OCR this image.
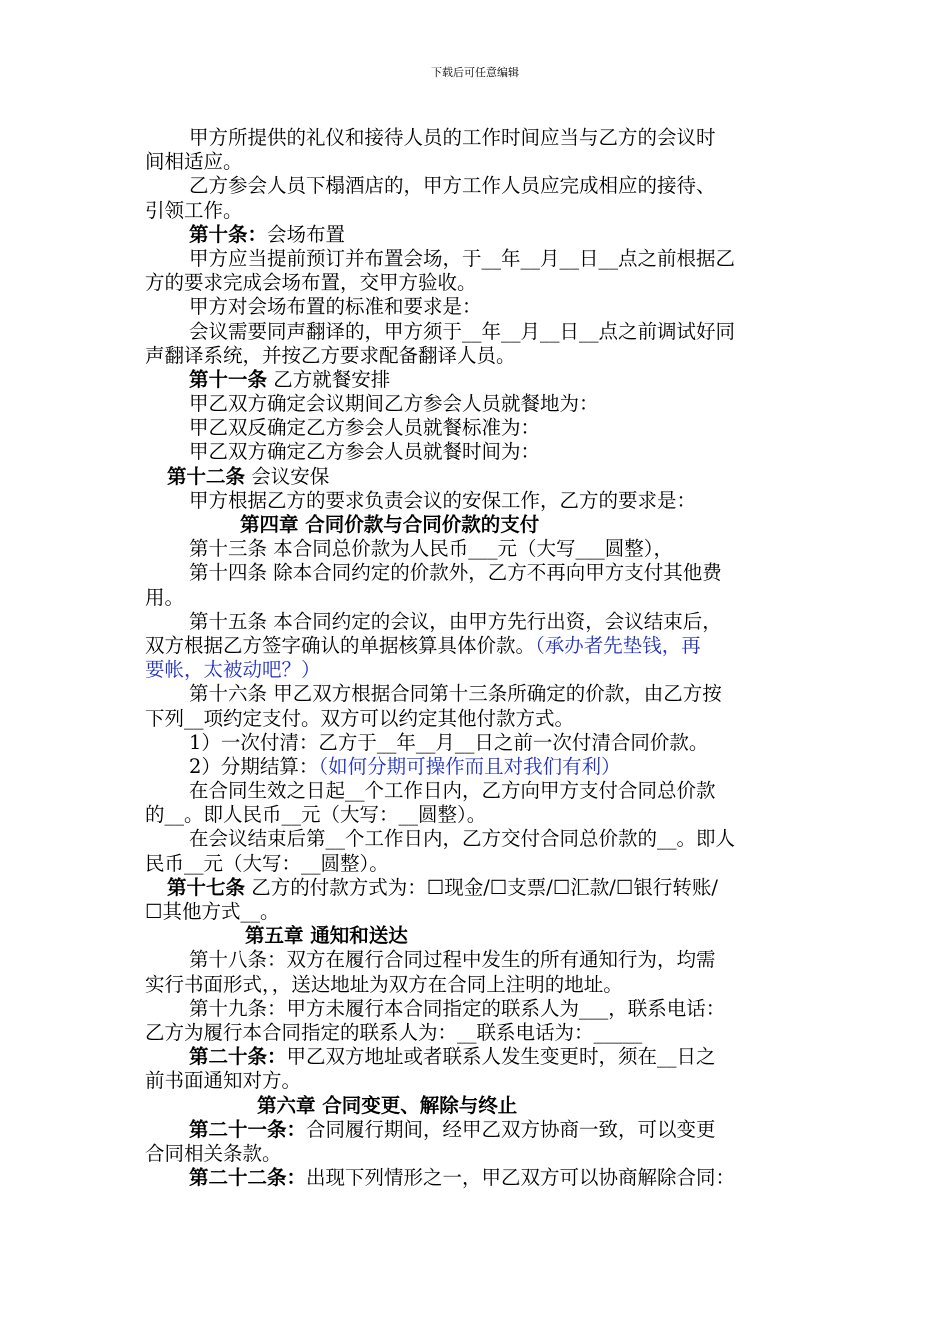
下载后可任意编辑
甲方所提供的礼仪和接待人员的工作时间应当与乙方的会议时
间相适应。
乙方参会人员下榻酒店的，甲方工作人员应完成相应的接待、
引领工作。
第十条：会场布置
甲方应当提前预订并布置会场，于__年__月__日__点之前根据乙
方的要求完成会场布置，交甲方验收。
甲方对会场布置的标准和要求是：
会议需要同声翻译的，甲方须于__年__月__日__点之前调试好同
声翻译系统，并按乙方要求配备翻译人员。
第十一条 乙方就餐安排
甲乙双方确定会议期间乙方参会人员就餐地为：
甲乙双反确定乙方参会人员就餐标准为：
甲乙双方确定乙方参会人员就餐时间为：
第十二条 会议安保
甲方根据乙方的要求负责会议的安保工作，乙方的要求是：
第四章 合同价款与合同价款的支付
第十三条 本合同总价款为人民币___元（大写___圆整），
第十四条 除本合同约定的价款外，乙方不再向甲方支付其他费
用。
第十五条 本合同约定的会议，由甲方先行出资，会议结束后，
双方根据乙方签字确认的单据核算具体价款。（承办者先垫钱，再
要帐，太被动吧？）
第十六条 甲乙双方根据合同第十三条所确定的价款，由乙方按
下列__项约定支付。双方可以约定其他付款方式。
1）一次付清：乙方于__年__月__日之前一次付清合同价款。
2）分期结算：（如何分期可操作而且对我们有利）
在合同生效之日起__个工作日内，乙方向甲方支付合同总价款
的__。即人民币__元（大写：__圆整）。
在会议结束后第__个工作日内，乙方交付合同总价款的__。即人
民币__元（大写：__圆整）。
第十七条 乙方的付款方式为：☐现金/☐支票/☐汇款/☐银行转账/
☐其他方式__。
第五章 通知和送达
第十八条：双方在履行合同过程中发生的所有通知行为，均需
实行书面形式，，送达地址为双方在合同上注明的地址。
第十九条：甲方未履行本合同指定的联系人为___，联系电话：
乙方为履行本合同指定的联系人为：__联系电话为：_____
第二十条：甲乙双方地址或者联系人发生变更时，须在__日之
前书面通知对方。
第六章 合同变更、解除与终止
第二十一条：合同履行期间，经甲乙双方协商一致，可以变更
合同相关条款。
第二十二条：出现下列情形之一，甲乙双方可以协商解除合同：
